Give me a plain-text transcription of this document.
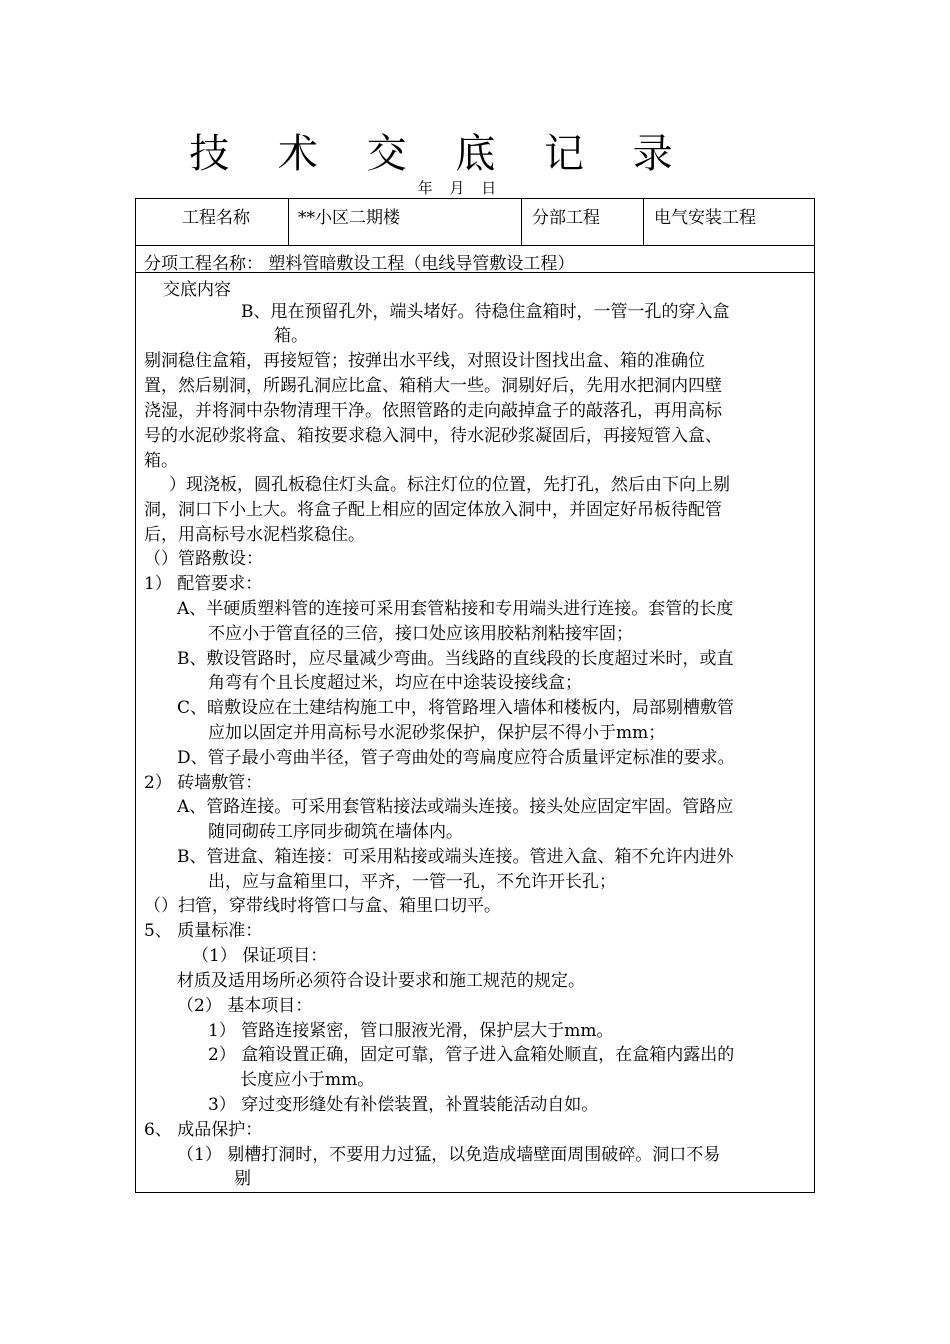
技 术 交 底 记 录
年 月 日
工程名称	**小区二期楼	分部工程	电气安装工程
分项工程名称： 塑料管暗敷设工程（电线导管敷设工程）
交底内容
B、甩在预留孔外，端头堵好。待稳住盒箱时，一管一孔的穿入盒
箱。
剔洞稳住盒箱，再接短管；按弹出水平线，对照设计图找出盒、箱的准确位
置，然后剔洞，所踢孔洞应比盒、箱稍大一些。洞剔好后，先用水把洞内四壁
浇湿，并将洞中杂物清理干净。依照管路的走向敲掉盒子的敲落孔，再用高标
号的水泥砂浆将盒、箱按要求稳入洞中，待水泥砂浆凝固后，再接短管入盒、
箱。
）现浇板，圆孔板稳住灯头盒。标注灯位的位置，先打孔，然后由下向上剔
洞，洞口下小上大。将盒子配上相应的固定体放入洞中，并固定好吊板待配管
后，用高标号水泥档浆稳住。
（）管路敷设：
1） 配管要求：
A、半硬质塑料管的连接可采用套管粘接和专用端头进行连接。套管的长度
不应小于管直径的三倍，接口处应该用胶粘剂粘接牢固；
B、敷设管路时，应尽量减少弯曲。当线路的直线段的长度超过米时，或直
角弯有个且长度超过米，均应在中途装设接线盒；
C、暗敷设应在土建结构施工中，将管路埋入墙体和楼板内，局部剔槽敷管
应加以固定并用高标号水泥砂浆保护，保护层不得小于mm；
D、管子最小弯曲半径，管子弯曲处的弯扁度应符合质量评定标准的要求。
2） 砖墙敷管：
A、管路连接。可采用套管粘接法或端头连接。接头处应固定牢固。管路应
随同砌砖工序同步砌筑在墙体内。
B、管进盒、箱连接：可采用粘接或端头连接。管进入盒、箱不允许内进外
出，应与盒箱里口，平齐，一管一孔，不允许开长孔；
（）扫管，穿带线时将管口与盒、箱里口切平。
5、 质量标准：
（1） 保证项目：
材质及适用场所必须符合设计要求和施工规范的规定。
（2） 基本项目：
1） 管路连接紧密，管口服液光滑，保护层大于mm。
2） 盒箱设置正确，固定可靠，管子进入盒箱处顺直，在盒箱内露出的
长度应小于mm。
3） 穿过变形缝处有补偿装置，补置装能活动自如。
6、 成品保护：
（1） 剔槽打洞时，不要用力过猛，以免造成墙壁面周围破碎。洞口不易
剔
